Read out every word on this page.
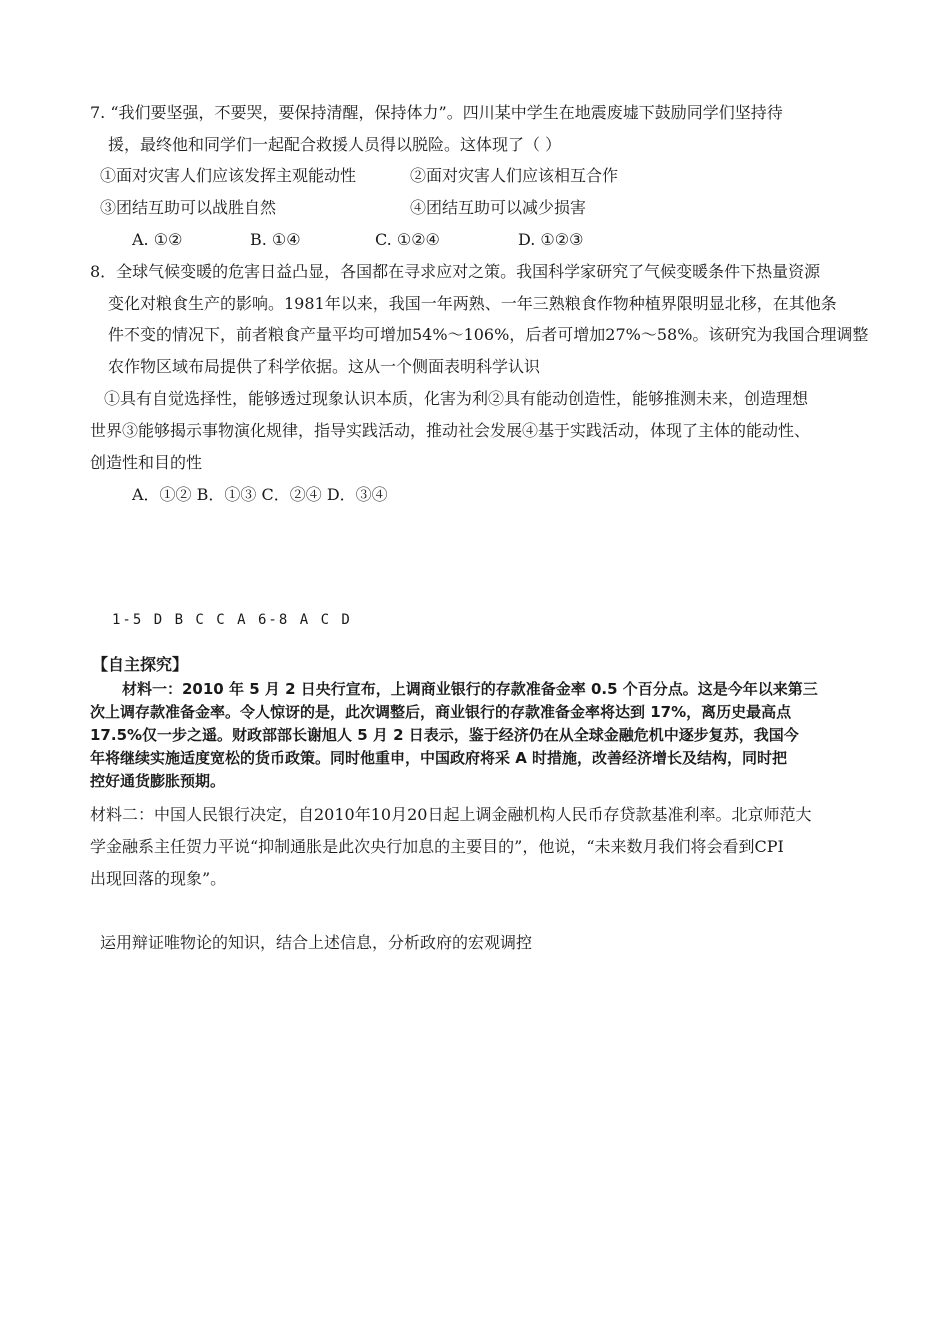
7. “我们要坚强，不要哭，要保持清醒，保持体力”。四川某中学生在地震废墟下鼓励同学们坚持待
援，最终他和同学们一起配合救援人员得以脱险。这体现了（ ）
①面对灾害人们应该发挥主观能动性	②面对灾害人们应该相互合作
③团结互助可以战胜自然	④团结互助可以减少损害
A. ①②	B. ①④	C. ①②④	D. ①②③
8．全球气候变暖的危害日益凸显，各国都在寻求应对之策。我国科学家研究了气候变暖条件下热量资源
变化对粮食生产的影响。1981年以来，我国一年两熟、一年三熟粮食作物种植界限明显北移，在其他条
件不变的情况下，前者粮食产量平均可增加54%～106%，后者可增加27%～58%。该研究为我国合理调整
农作物区域布局提供了科学依据。这从一个侧面表明科学认识
①具有自觉选择性，能够透过现象认识本质，化害为利②具有能动创造性，能够推测未来，创造理想
世界③能够揭示事物演化规律，指导实践活动，推动社会发展④基于实践活动，体现了主体的能动性、
创造性和目的性
A．①② B．①③ C．②④ D．③④
1-5 D B C C A 6-8 A C D
【自主探究】
材料一：2010 年 5 月 2 日央行宣布，上调商业银行的存款准备金率 0.5 个百分点。这是今年以来第三
次上调存款准备金率。令人惊讶的是，此次调整后，商业银行的存款准备金率将达到 17%，离历史最高点
17.5%仅一步之遥。财政部部长谢旭人 5 月 2 日表示，鉴于经济仍在从全球金融危机中逐步复苏，我国今
年将继续实施适度宽松的货币政策。同时他重申，中国政府将采 A 时措施，改善经济增长及结构，同时把
控好通货膨胀预期。
材料二：中国人民银行决定，自2010年10月20日起上调金融机构人民币存贷款基准利率。北京师范大
学金融系主任贺力平说“抑制通胀是此次央行加息的主要目的”，他说，“未来数月我们将会看到CPI
出现回落的现象”。
运用辩证唯物论的知识，结合上述信息，分析政府的宏观调控
